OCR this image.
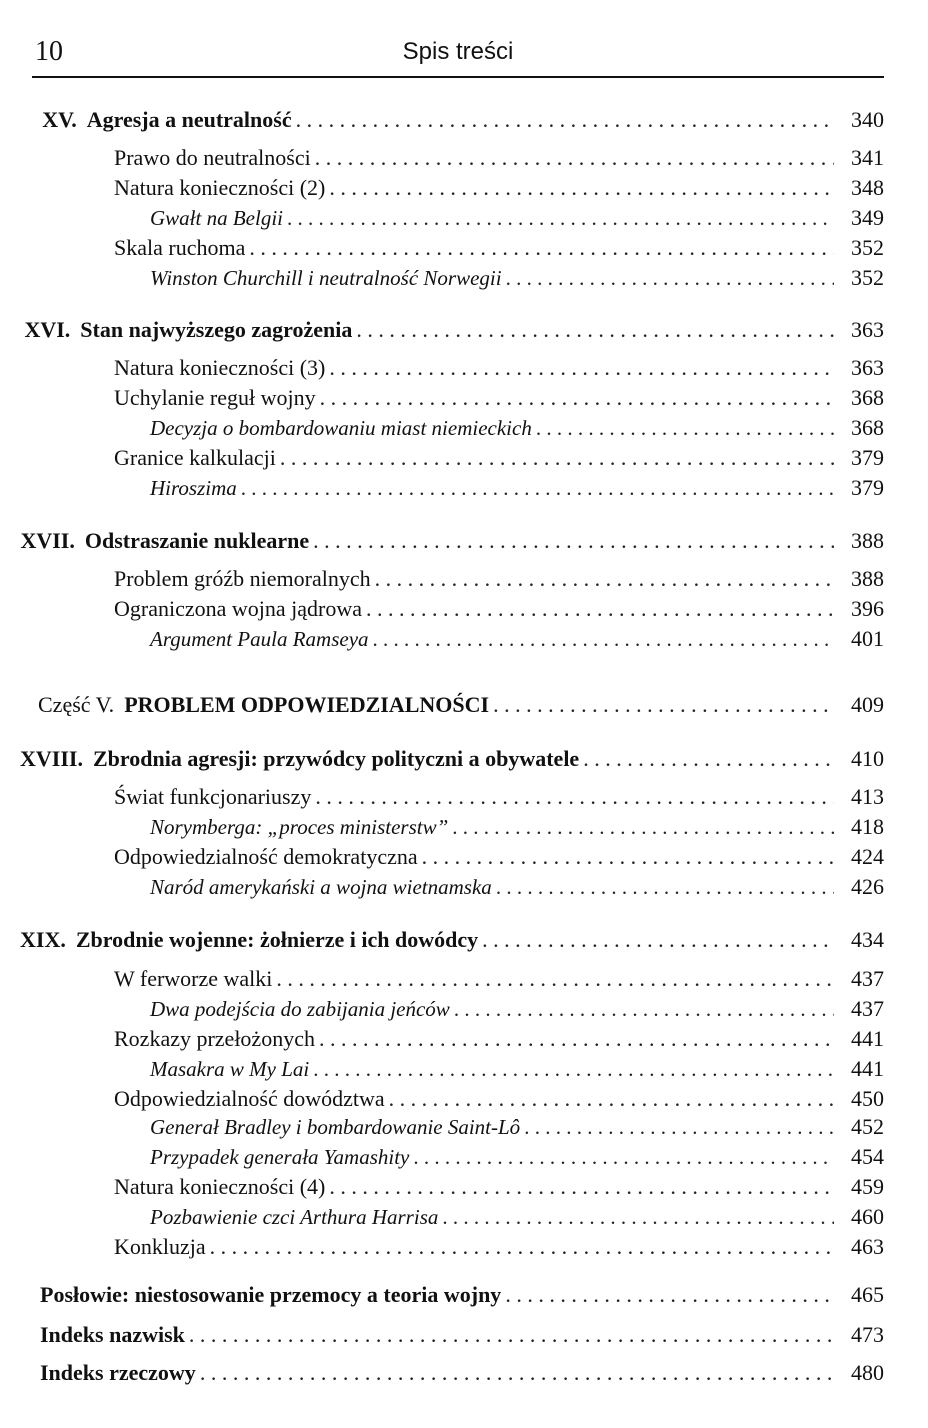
10	Spis treści
XV. Agresja a neutralność . . .	340
Prawo do neutralności . . .	341
Natura konieczności (2) . . .	348
Gwałt na Belgii . . .	349
Skala ruchoma . . .	352
Winston Churchill i neutralność Norwegii . . .	352
XVI. Stan najwyższego zagrożenia . . .	363
Natura konieczności (3) . . .	363
Uchylanie reguł wojny . . .	368
Decyzja o bombardowaniu miast niemieckich . . .	368
Granice kalkulacji . . .	379
Hiroszima . . .	379
XVII. Odstraszanie nuklearne . . .	388
Problem gróźb niemoralnych . . .	388
Ograniczona wojna jądrowa . . .	396
Argument Paula Ramseya . . .	401
Część V. PROBLEM ODPOWIEDZIALNOŚCI . . .	409
XVIII. Zbrodnia agresji: przywódcy polityczni a obywatele . . .	410
Świat funkcjonariuszy . . .	413
Norymberga: „proces ministerstw” . . .	418
Odpowiedzialność demokratyczna . . .	424
Naród amerykański a wojna wietnamska . . .	426
XIX. Zbrodnie wojenne: żołnierze i ich dowódcy . . .	434
W ferworze walki . . .	437
Dwa podejścia do zabijania jeńców . . .	437
Rozkazy przełożonych . . .	441
Masakra w My Lai . . .	441
Odpowiedzialność dowództwa . . .	450
Generał Bradley i bombardowanie Saint-Lô . . .	452
Przypadek generała Yamashity . . .	454
Natura konieczności (4) . . .	459
Pozbawienie czci Arthura Harrisa . . .	460
Konkluzja . . .	463
Posłowie: niestosowanie przemocy a teoria wojny . . .	465
Indeks nazwisk . . .	473
Indeks rzeczowy . . .	480
